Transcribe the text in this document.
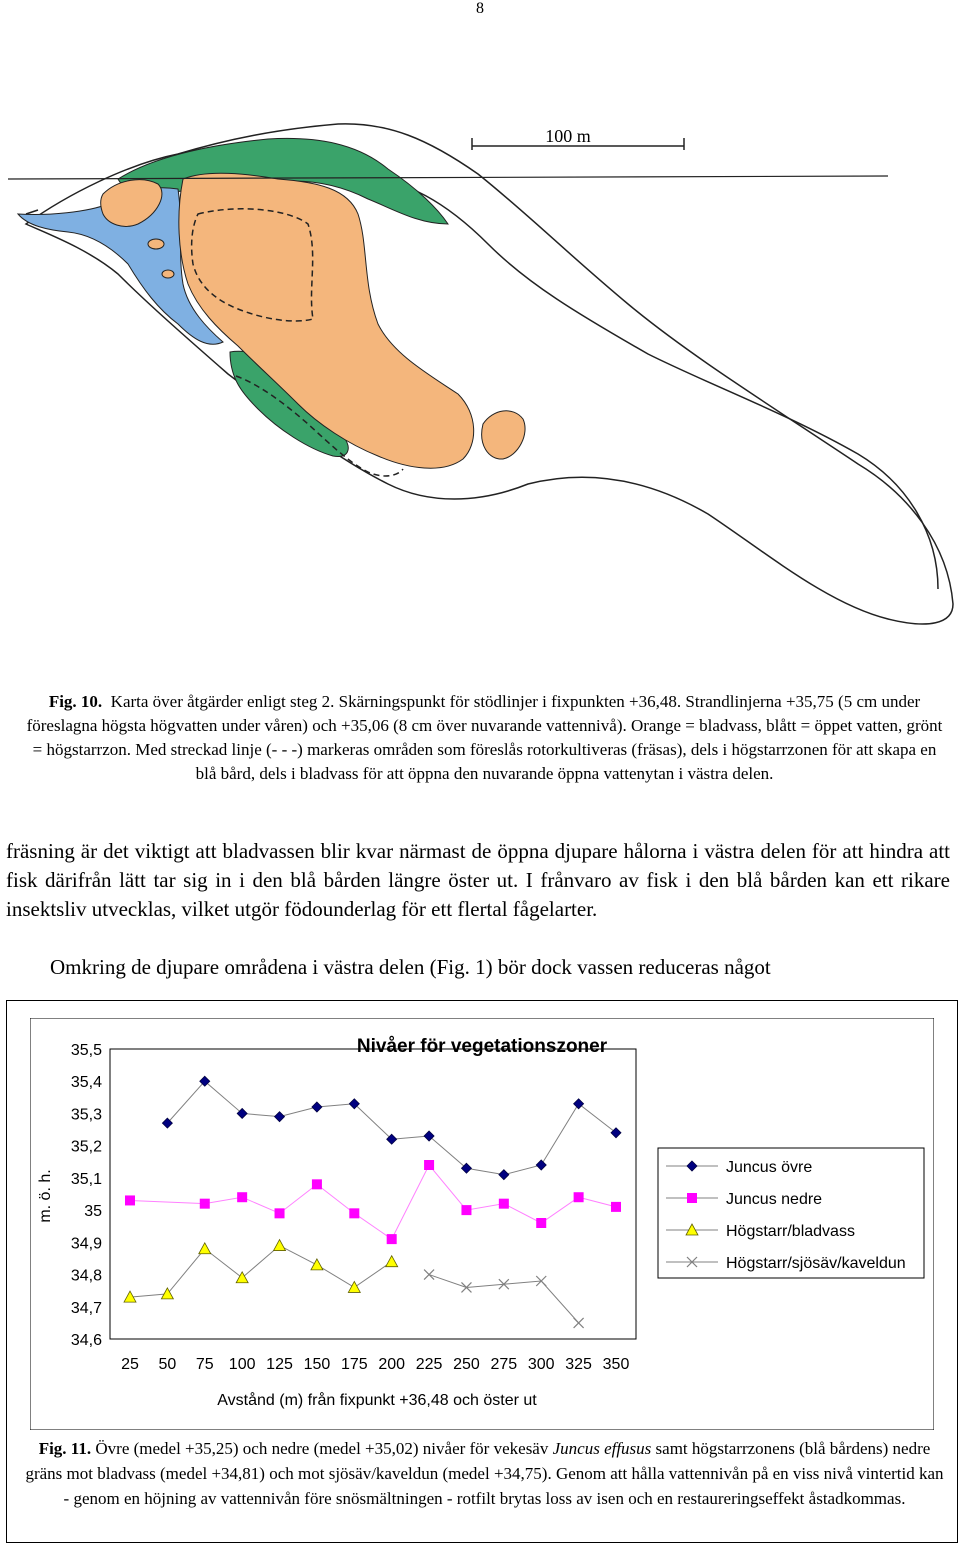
8
100 m
Fig. 10. Karta över åtgärder enligt steg 2. Skärningspunkt för stödlinjer i fixpunkten +36,48. Strandlinjerna +35,75 (5 cm under föreslagna högsta högvatten under våren) och +35,06 (8 cm över nuvarande vattennivå). Orange = bladvass, blått = öppet vatten, grönt = högstarrzon. Med streckad linje (- - -) markeras områden som föreslås rotorkultiveras (fräsas), dels i högstarrzonen för att skapa en blå bård, dels i bladvass för att öppna den nuvarande öppna vattenytan i västra delen.
fräsning är det viktigt att bladvassen blir kvar närmast de öppna djupare hålorna i västra delen för att hindra att fisk därifrån lätt tar sig in i den blå bården längre öster ut. I frånvaro av fisk i den blå bården kan ett rikare insektsliv utvecklas, vilket utgör födounderlag för ett flertal fågelarter.
Omkring de djupare områdena i västra delen (Fig. 1) bör dock vassen reduceras något
Nivåer för vegetationszoner
m. ö. h.
Avstånd (m) från fixpunkt +36,48 och öster ut
35,5
35,4
35,3
35,2
35,1
35
34,9
34,8
34,7
34,6
25 50 75 100 125 150 175 200 225 250 275 300 325 350
Juncus övre
Juncus nedre
Högstarr/bladvass
Högstarr/sjösäv/kaveldun
Fig. 11. Övre (medel +35,25) och nedre (medel +35,02) nivåer för vekesäv Juncus effusus samt högstarrzonens (blå bårdens) nedre gräns mot bladvass (medel +34,81) och mot sjösäv/kaveldun (medel +34,75). Genom att hålla vattennivån på en viss nivå vintertid kan - genom en höjning av vattennivån före snösmältningen - rotfilt brytas loss av isen och en restaureringseffekt åstadkommas.
